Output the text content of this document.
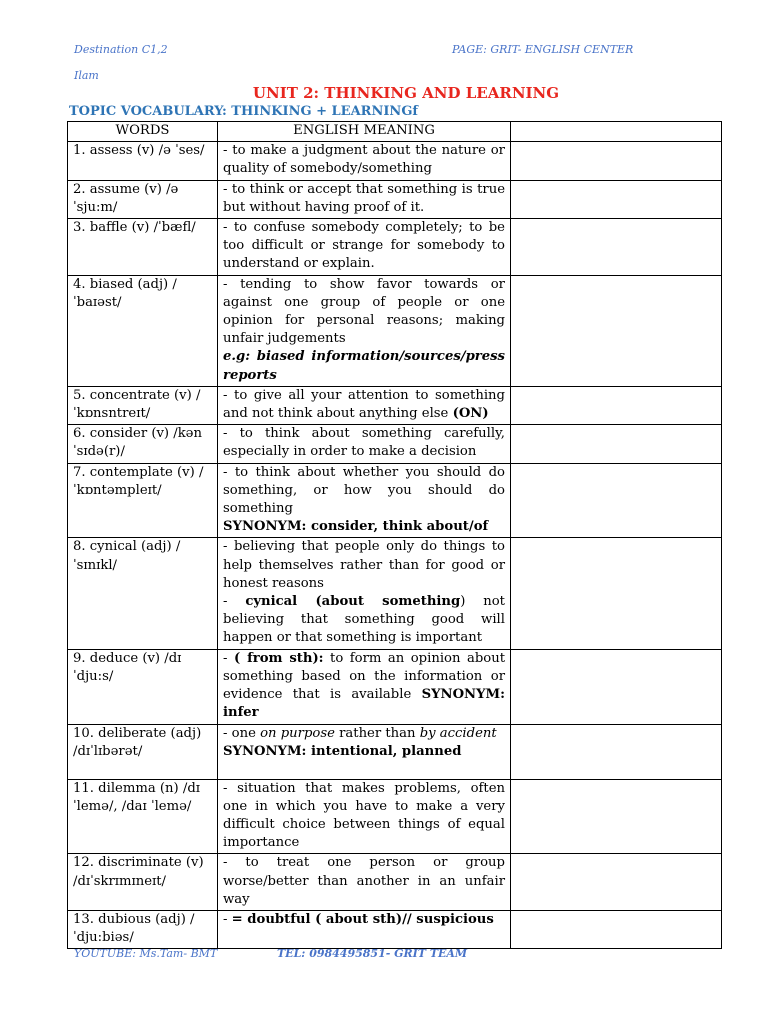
Destination C1,2	PAGE: GRIT- ENGLISH CENTER
Ilam
UNIT 2: THINKING AND LEARNING
TOPIC VOCABULARY: THINKING + LEARNINGf
WORDS	ENGLISH MEANING	
1. assess (v) /ə ˈses/	- to make a judgment about the nature or quality of somebody/something	
2. assume (v) /ə ˈsju:m/	- to think or accept that something is true but without having proof of it.	
3. baffle (v) /ˈbæfl/	- to confuse somebody completely; to be too difficult or strange for somebody to understand or explain.	
4. biased (adj) /ˈbaɪəst/	- tending to show favor towards or against one group of people or one opinion for personal reasons; making unfair judgements
e.g: biased information/sources/press reports	
5. concentrate (v) /ˈkɒnsntreɪt/	- to give all your attention to something and not think about anything else (ON)	
6. consider (v) /kənˈsɪdə(r)/	- to think about something carefully, especially in order to make a decision	
7. contemplate (v) /ˈkɒntəmpleɪt/	- to think about whether you should do something, or how you should do something
SYNONYM: consider, think about/of	
8. cynical (adj) /ˈsɪnɪkl/	- believing that people only do things to help themselves rather than for good or honest reasons
- cynical (about something) not believing that something good will happen or that something is important	
9. deduce (v) /dɪ ˈdju:s/	- ( from sth): to form an opinion about something based on the information or evidence that is available SYNONYM: infer	
10. deliberate (adj) /dɪˈlɪbərət/	- one on purpose rather than by accident
SYNONYM: intentional, planned	
11. dilemma (n) /dɪˈlemə/, /daɪ ˈlemə/	- situation that makes problems, often one in which you have to make a very difficult choice between things of equal importance	
12. discriminate (v) /dɪˈskrɪmɪneɪt/	- to treat one person or group worse/better than another in an unfair way	
13. dubious (adj) /ˈdju:biəs/	- = doubtful ( about sth)// suspicious	
YOUTUBE: Ms.Tam- BMT	TEL: 0984495851- GRIT TEAM
